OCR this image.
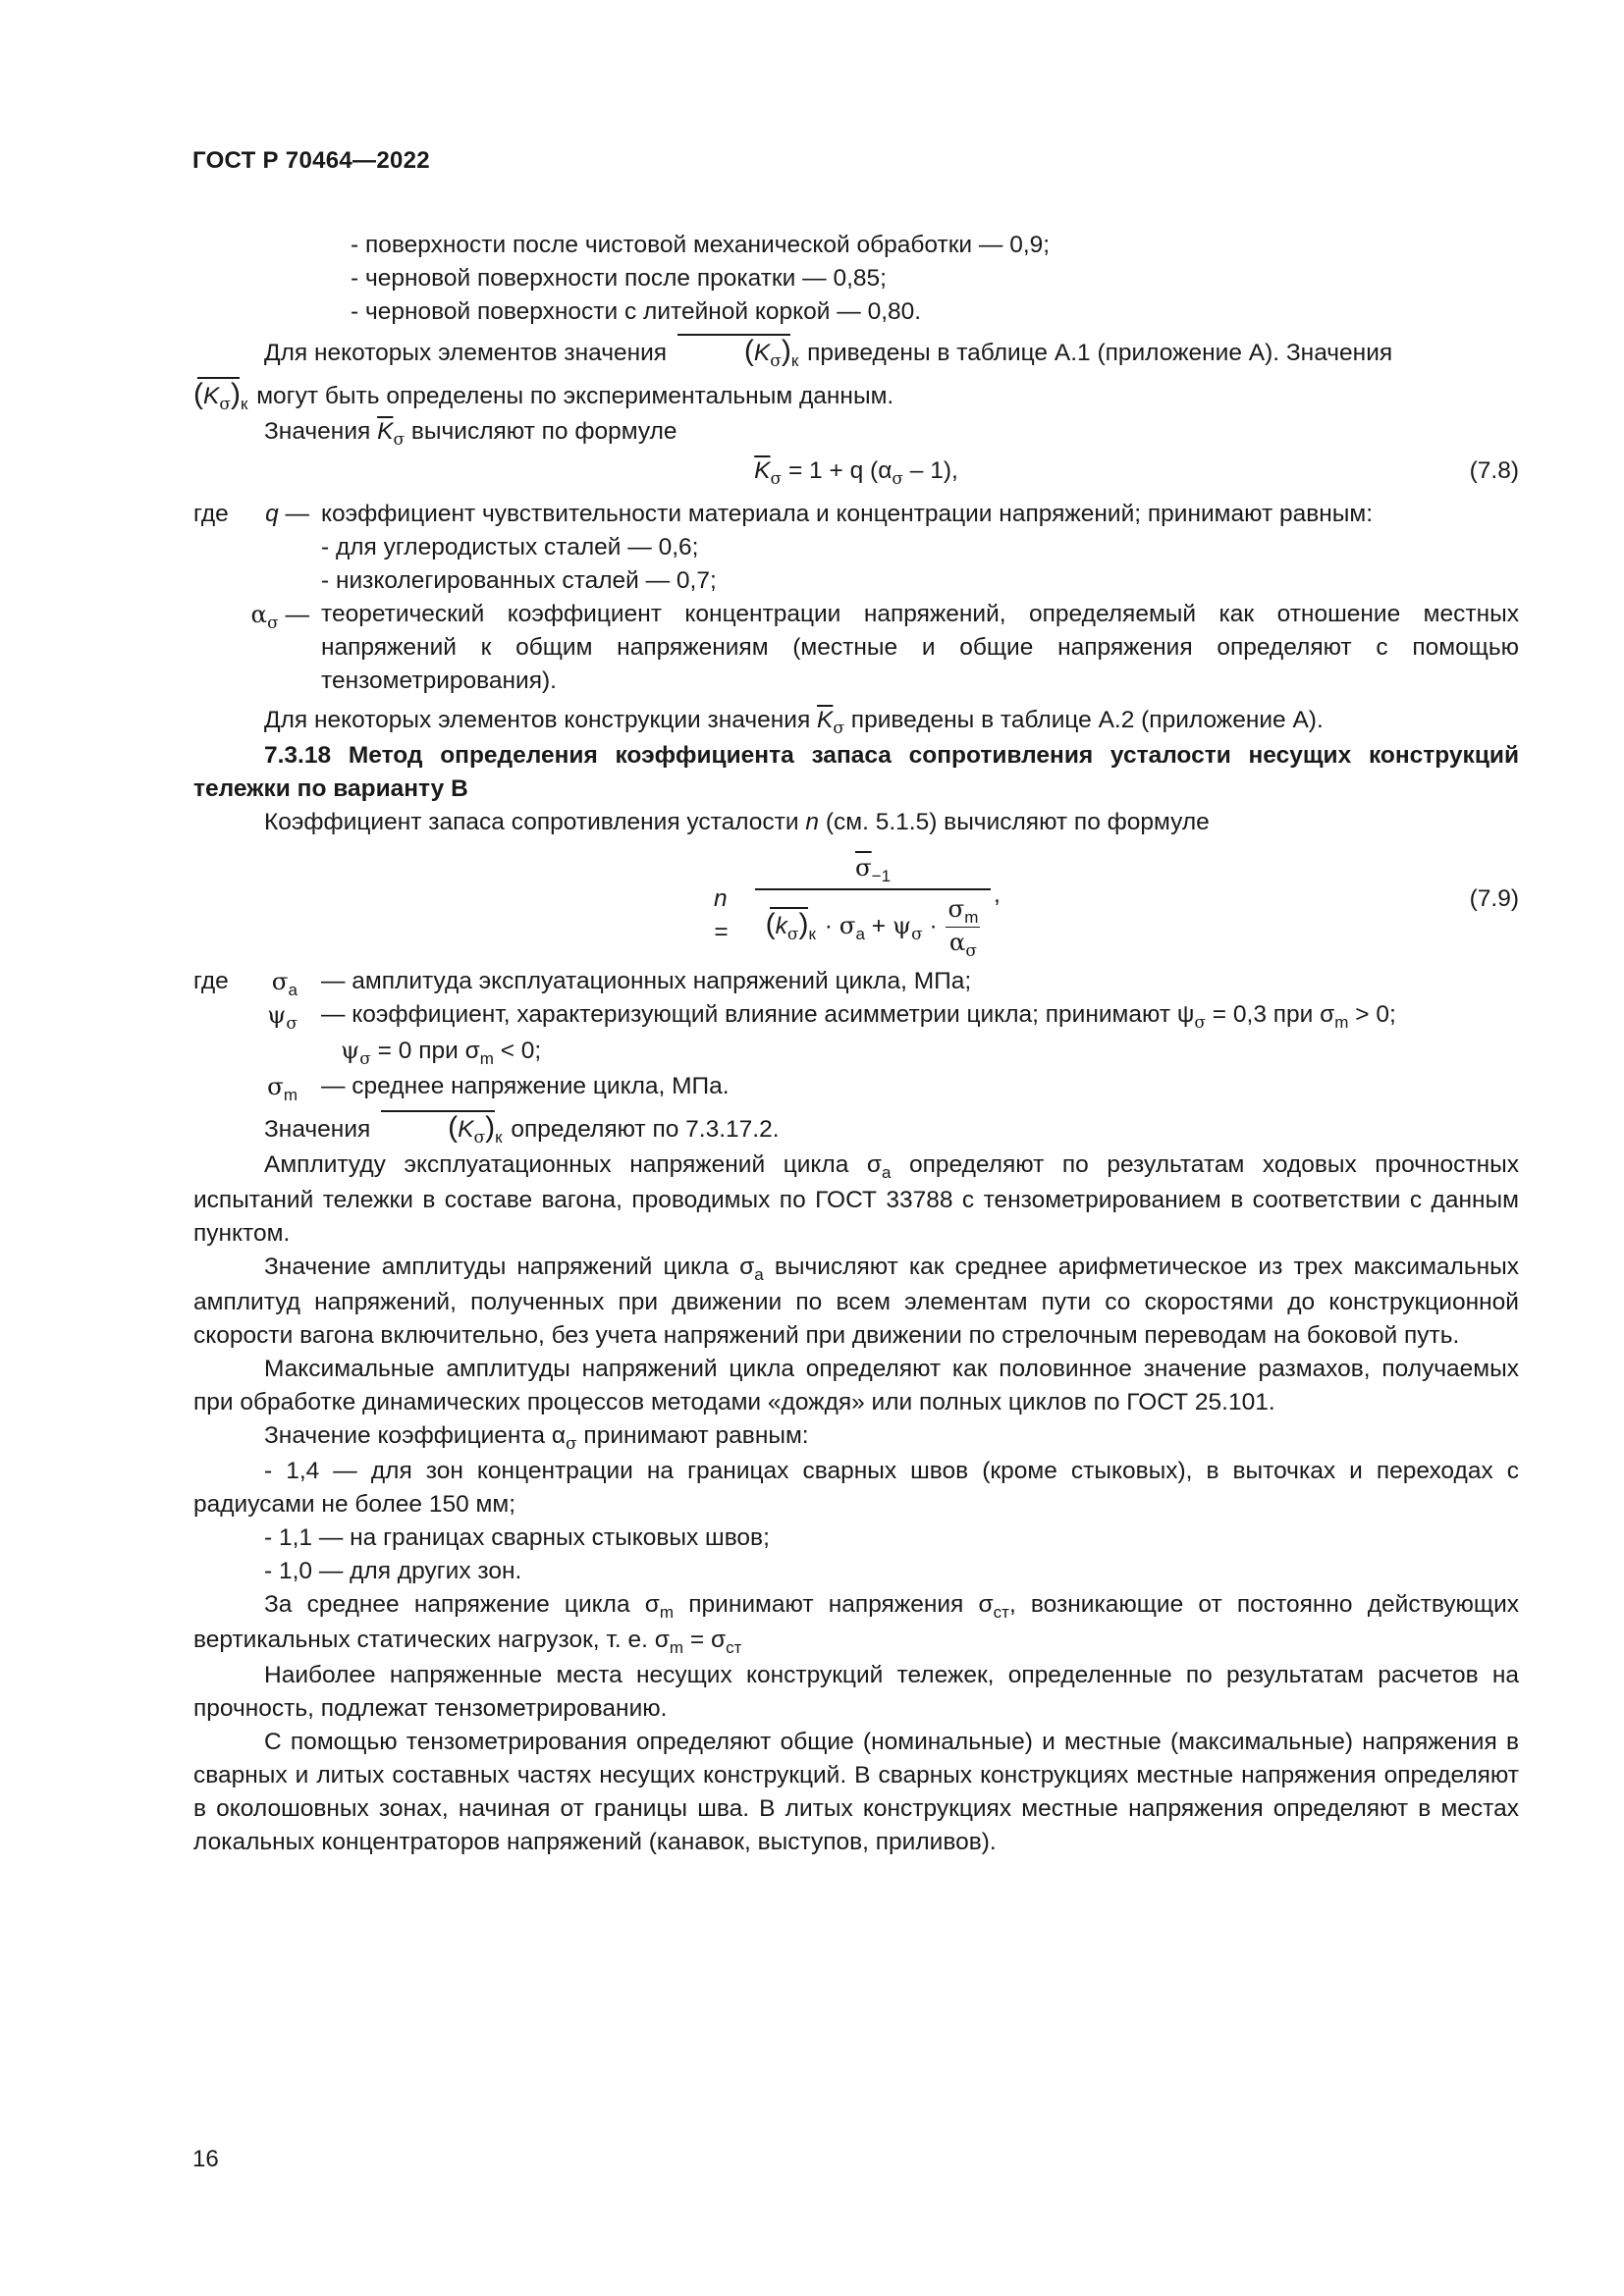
ГОСТ Р 70464—2022

- поверхности после чистовой механической обработки — 0,9;

- черновой поверхности после прокатки — 0,85;

- черновой поверхности с литейной коркой — 0,80.

Для некоторых элементов значения	$(K_\sigma)_к$ приведены в таблице А.1 (приложение А). Значения

$(K_\sigma)_к$ могут быть определены по экспериментальным данным.

Значения $\overline{K}_\sigma$ вычисляют по формуле

$\overline{K}_\sigma = 1 + q$ $(\alpha_\sigma - 1)$,	(7.8)
где q — коэффициент чувствительности материала и концентрации напряжений; принимают равным:
- для углеродистых сталей — 0,6;
- низколегированных сталей — 0,7;
$\alpha_\sigma$ — теоретический коэффициент концентрации напряжений, определяемый как отношение местных напряжений к общим напряжениям (местные и общие напряжения определяют с помощью тензометрирования).

Для некоторых элементов конструкции значения $\overline{K}_\sigma$ приведены в таблице А.2 (приложение А).

7.3.18 Метод определения коэффициента запаса сопротивления усталости несущих конструкций тележки по варианту В

Коэффициент запаса сопротивления усталости n (см. 5.1.5) вычисляют по формуле

n =
$\overline{\sigma}_{-1}$
$(k_\sigma)_к \cdot \sigma_a + \psi_\sigma \cdot \frac{\sigma_m}{\alpha_\sigma}$ ,	(7.9)
где $\sigma_a$ — амплитуда эксплуатационных напряжений цикла, МПа;
$\psi_\sigma$ — коэффициент, характеризующий влияние асимметрии цикла; принимают $\psi_\sigma = 0,3$ при $\sigma_m > 0$;
$\psi_\sigma = 0$ при $\sigma_m < 0$;
$\sigma_m$ — среднее напряжение цикла, МПа.

Значения	$(K_\sigma)_к$ определяют по 7.3.17.2.

Амплитуду эксплуатационных напряжений цикла $\sigma_a$ определяют по результатам ходовых прочностных испытаний тележки в составе вагона, проводимых по ГОСТ 33788 с тензометрированием в соответствии с данным пунктом.

Значение амплитуды напряжений цикла $\sigma_a$ вычисляют как среднее арифметическое из трех максимальных амплитуд напряжений, полученных при движении по всем элементам пути со скоростями до конструкционной скорости вагона включительно, без учета напряжений при движении по стрелочным переводам на боковой путь.

Максимальные амплитуды напряжений цикла определяют как половинное значение размахов, получаемых при обработке динамических процессов методами «дождя» или полных циклов по ГОСТ 25.101.

Значение коэффициента $\alpha_\sigma$ принимают равным:

- 1,4 — для зон концентрации на границах сварных швов (кроме стыковых), в выточках и переходах с радиусами не более 150 мм;

- 1,1 — на границах сварных стыковых швов;

- 1,0 — для других зон.

За среднее напряжение цикла $\sigma_m$ принимают напряжения $\sigma_{ст}$, возникающие от постоянно действующих вертикальных статических нагрузок, т. е. $\sigma_m = \sigma_{ст}$

Наиболее напряженные места несущих конструкций тележек, определенные по результатам расчетов на прочность, подлежат тензометрированию.

С помощью тензометрирования определяют общие (номинальные) и местные (максимальные) напряжения в сварных и литых составных частях несущих конструкций. В сварных конструкциях местные напряжения определяют в околошовных зонах, начиная от границы шва. В литых конструкциях местные напряжения определяют в местах локальных концентраторов напряжений (канавок, выступов, приливов).

16
